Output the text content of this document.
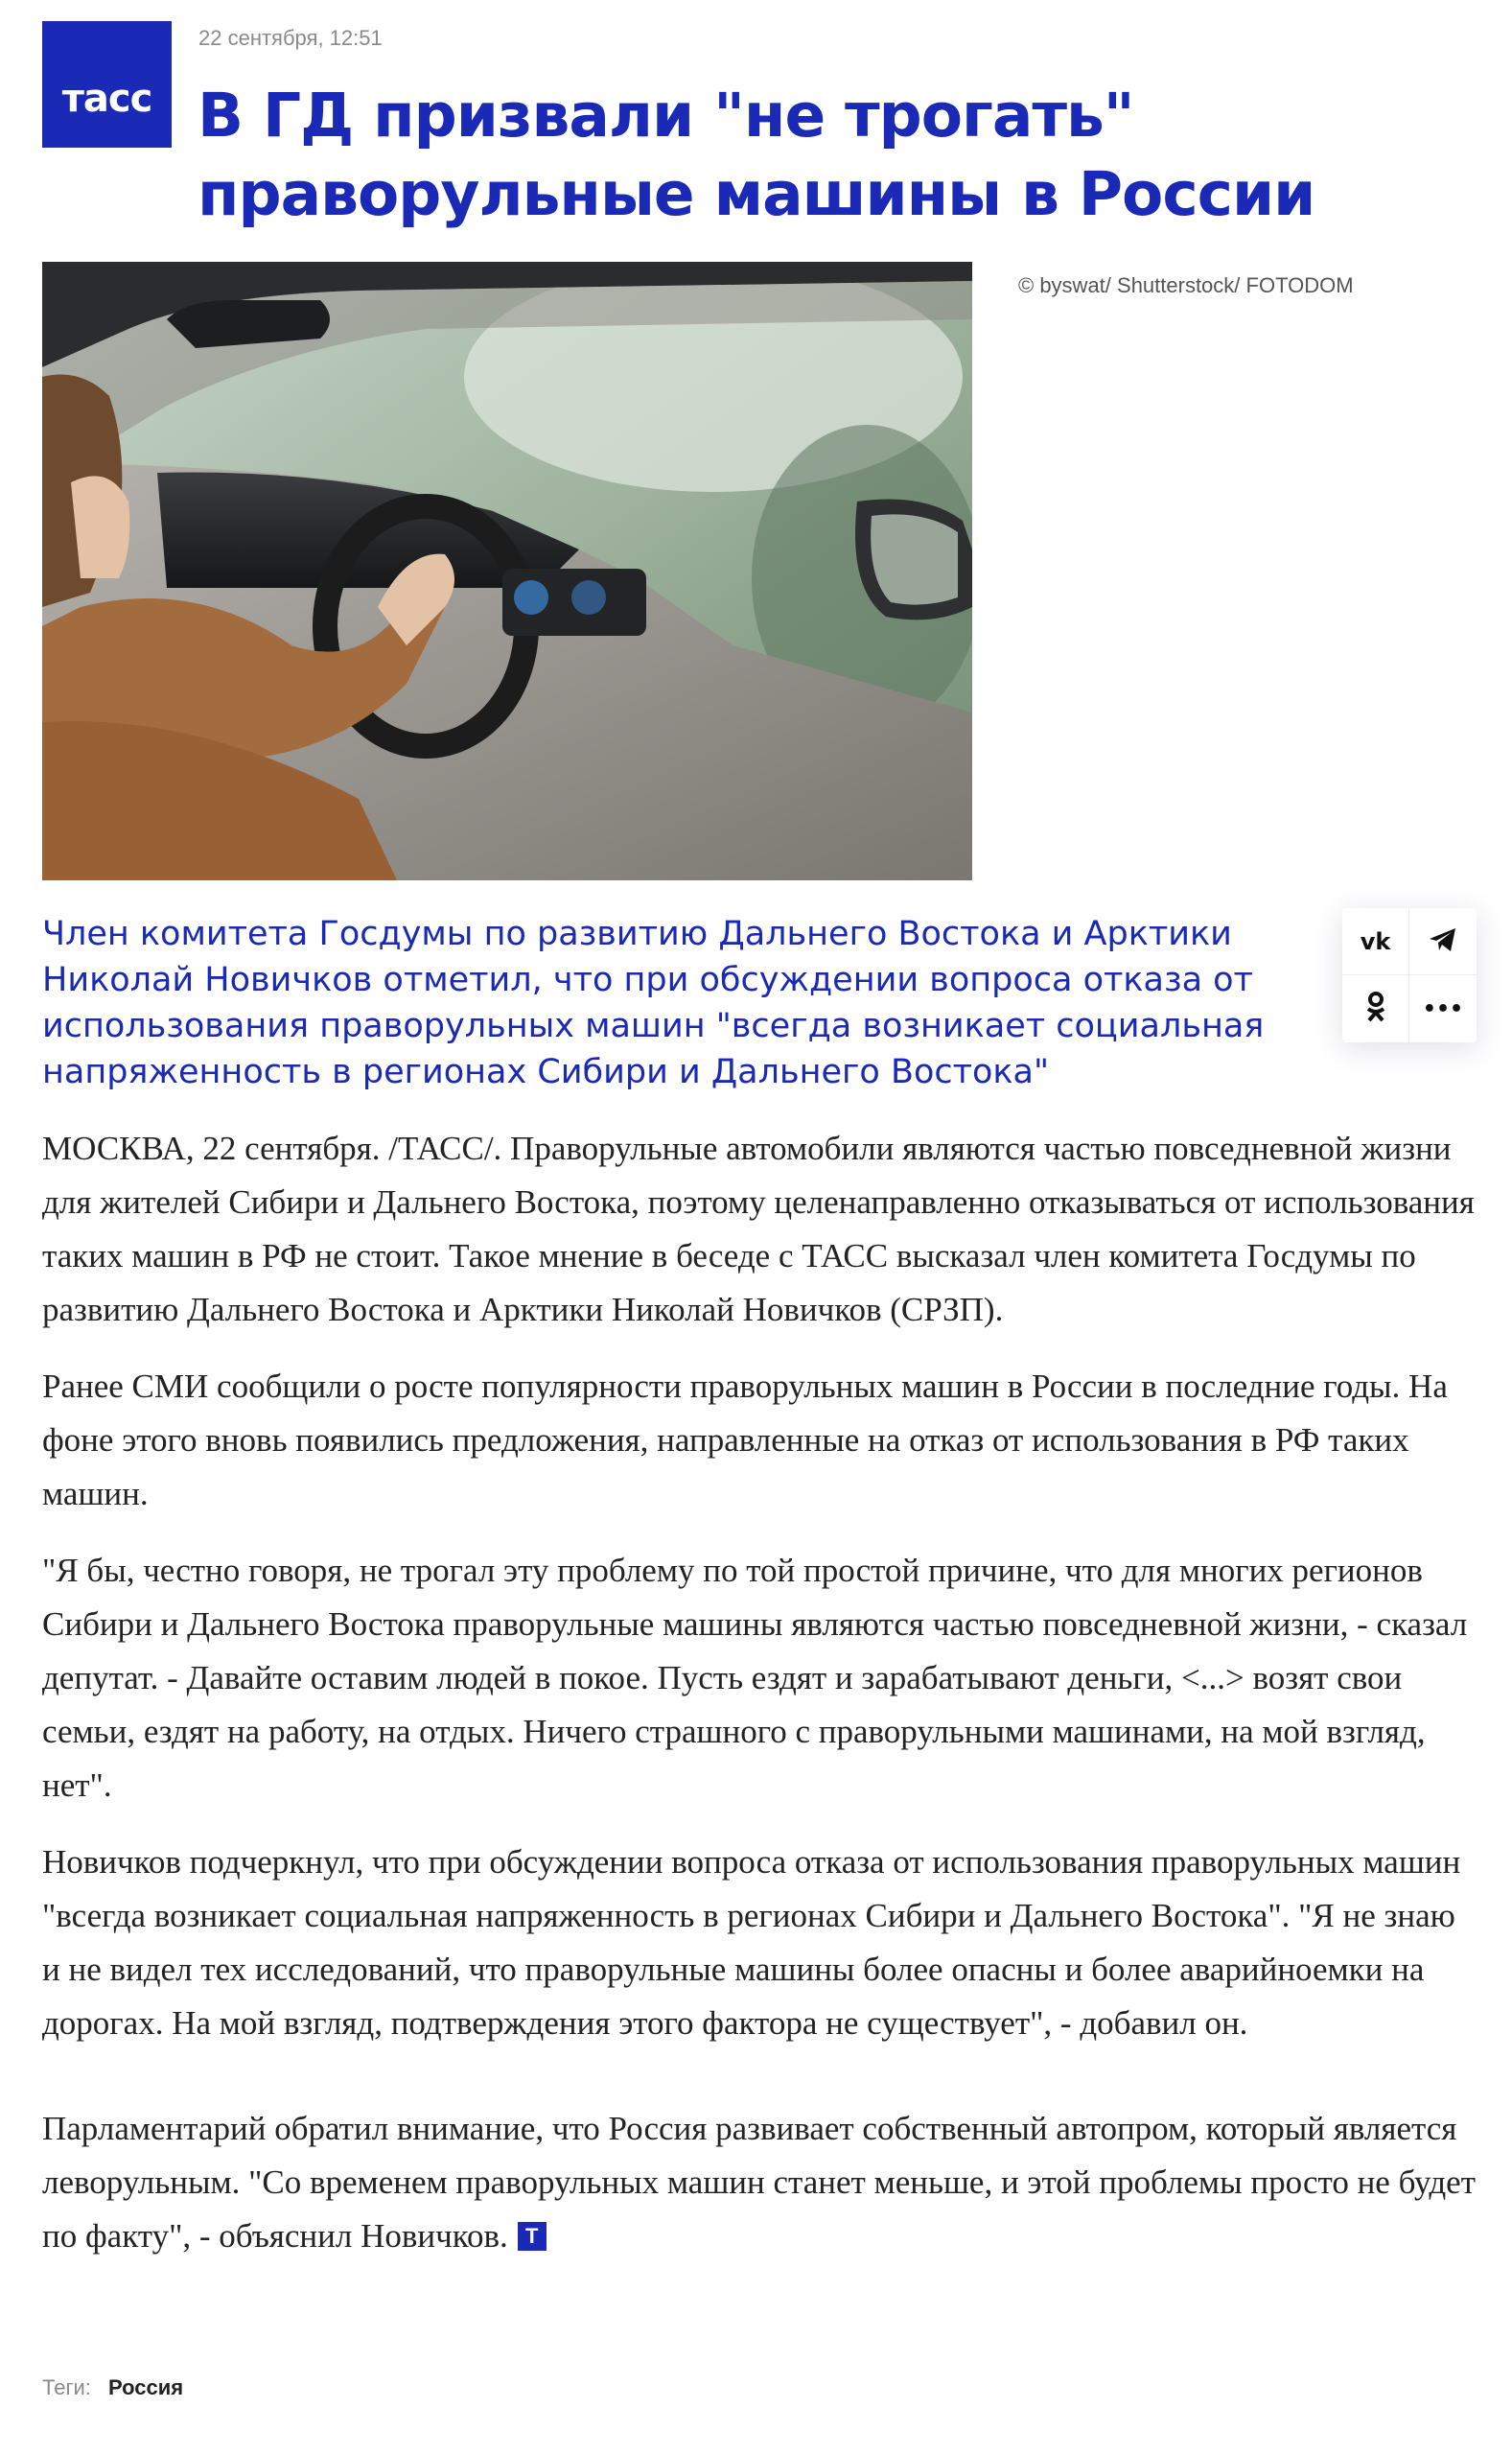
тасс
22 сентября, 12:51
В ГД призвали "не трогать" праворульные машины в России
© byswat/ Shutterstock/ FOTODOM

Член комитета Госдумы по развитию Дальнего Востока и Арктики Николай Новичков отметил, что при обсуждении вопроса отказа от использования праворульных машин "всегда возникает социальная напряженность в регионах Сибири и Дальнего Востока"

vk
•••

МОСКВА, 22 сентября. /ТАСС/. Праворульные автомобили являются частью повседневной жизни для жителей Сибири и Дальнего Востока, поэтому целенаправленно отказываться от использования таких машин в РФ не стоит. Такое мнение в беседе с ТАСС высказал член комитета Госдумы по развитию Дальнего Востока и Арктики Николай Новичков (СРЗП).

Ранее СМИ сообщили о росте популярности праворульных машин в России в последние годы. На фоне этого вновь появились предложения, направленные на отказ от использования в РФ таких машин.

"Я бы, честно говоря, не трогал эту проблему по той простой причине, что для многих регионов Сибири и Дальнего Востока праворульные машины являются частью повседневной жизни, - сказал депутат. - Давайте оставим людей в покое. Пусть ездят и зарабатывают деньги, <...> возят свои семьи, ездят на работу, на отдых. Ничего страшного с праворульными машинами, на мой взгляд, нет".

Новичков подчеркнул, что при обсуждении вопроса отказа от использования праворульных машин "всегда возникает социальная напряженность в регионах Сибири и Дальнего Востока". "Я не знаю и не видел тех исследований, что праворульные машины более опасны и более аварийноемки на дорогах. На мой взгляд, подтверждения этого фактора не существует", - добавил он.

Парламентарий обратил внимание, что Россия развивает собственный автопром, который является леворульным. "Со временем праворульных машин станет меньше, и этой проблемы просто не будет по факту", - объяснил Новичков. T

Теги: Россия
